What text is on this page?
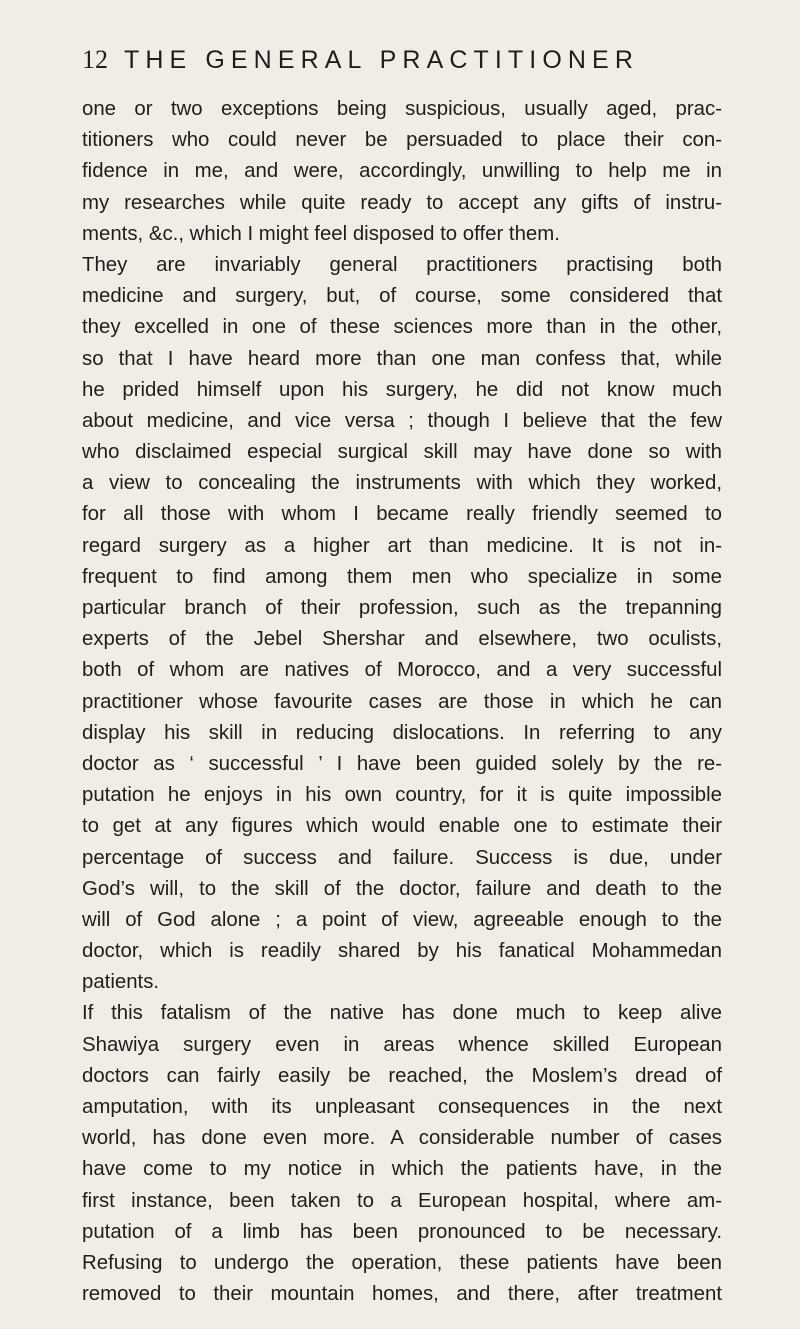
12 THE GENERAL PRACTITIONER
one or two exceptions being suspicious, usually aged, prac-
titioners who could never be persuaded to place their con-
fidence in me, and were, accordingly, unwilling to help me in
my researches while quite ready to accept any gifts of instru-
ments, &c., which I might feel disposed to offer them.
They are invariably general practitioners practising both
medicine and surgery, but, of course, some considered that
they excelled in one of these sciences more than in the other,
so that I have heard more than one man confess that, while
he prided himself upon his surgery, he did not know much
about medicine, and vice versa ; though I believe that the few
who disclaimed especial surgical skill may have done so with
a view to concealing the instruments with which they worked,
for all those with whom I became really friendly seemed to
regard surgery as a higher art than medicine. It is not in-
frequent to find among them men who specialize in some
particular branch of their profession, such as the trepanning
experts of the Jebel Shershar and elsewhere, two oculists,
both of whom are natives of Morocco, and a very successful
practitioner whose favourite cases are those in which he can
display his skill in reducing dislocations. In referring to any
doctor as ‘ successful ’ I have been guided solely by the re-
putation he enjoys in his own country, for it is quite impossible
to get at any figures which would enable one to estimate their
percentage of success and failure. Success is due, under
God’s will, to the skill of the doctor, failure and death to the
will of God alone ; a point of view, agreeable enough to the
doctor, which is readily shared by his fanatical Mohammedan
patients.
If this fatalism of the native has done much to keep alive
Shawiya surgery even in areas whence skilled European
doctors can fairly easily be reached, the Moslem’s dread of
amputation, with its unpleasant consequences in the next
world, has done even more. A considerable number of cases
have come to my notice in which the patients have, in the
first instance, been taken to a European hospital, where am-
putation of a limb has been pronounced to be necessary.
Refusing to undergo the operation, these patients have been
removed to their mountain homes, and there, after treatment
